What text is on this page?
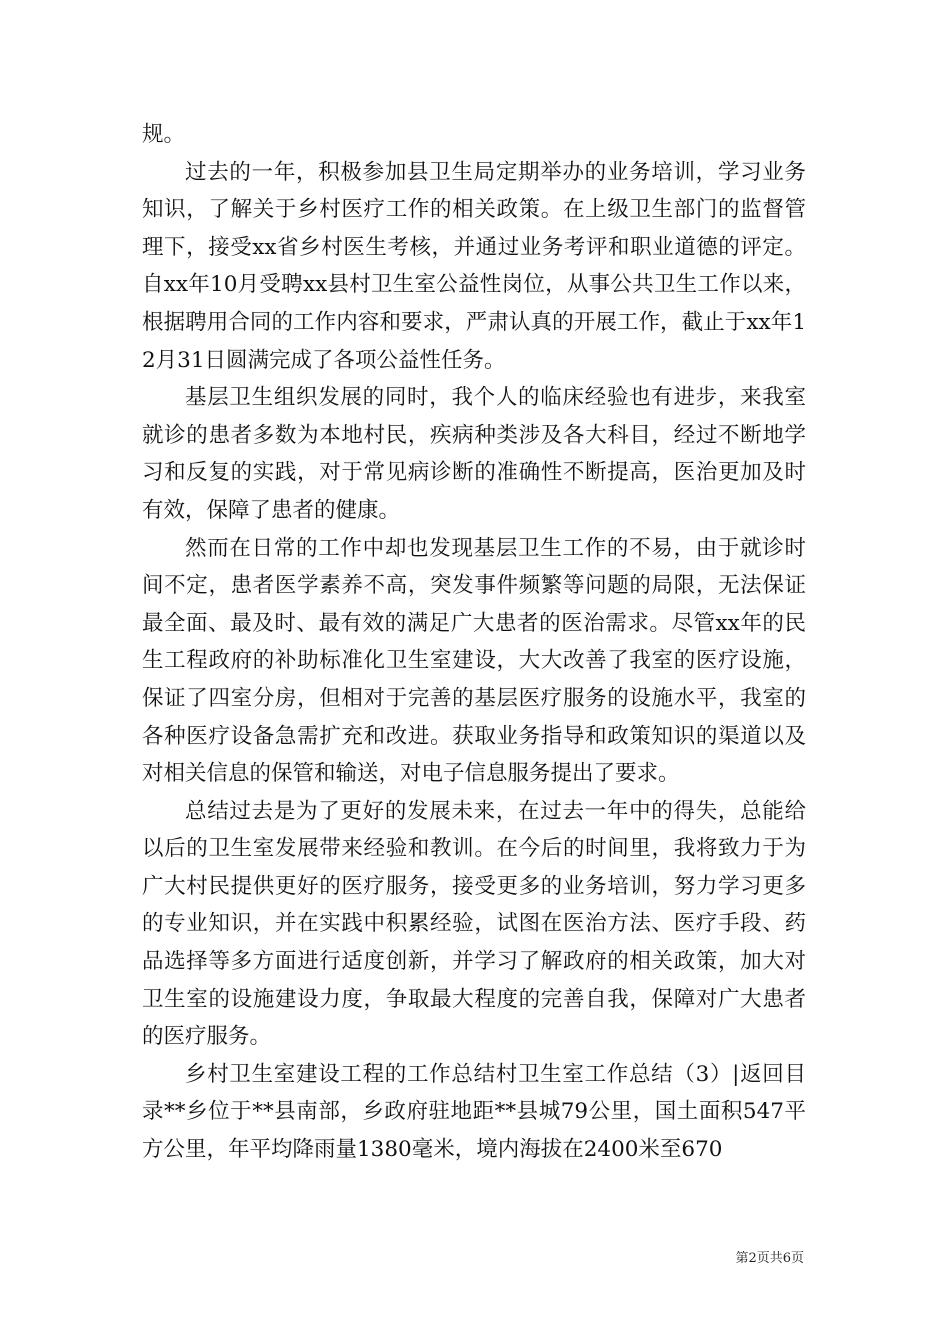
规。

过去的一年，积极参加县卫生局定期举办的业务培训，学习业务知识，了解关于乡村医疗工作的相关政策。在上级卫生部门的监督管理下，接受xx省乡村医生考核，并通过业务考评和职业道德的评定。自xx年10月受聘xx县村卫生室公益性岗位，从事公共卫生工作以来，根据聘用合同的工作内容和要求，严肃认真的开展工作，截止于xx年12月31日圆满完成了各项公益性任务。

基层卫生组织发展的同时，我个人的临床经验也有进步，来我室就诊的患者多数为本地村民，疾病种类涉及各大科目，经过不断地学习和反复的实践，对于常见病诊断的准确性不断提高，医治更加及时有效，保障了患者的健康。

然而在日常的工作中却也发现基层卫生工作的不易，由于就诊时间不定，患者医学素养不高，突发事件频繁等问题的局限，无法保证最全面、最及时、最有效的满足广大患者的医治需求。尽管xx年的民生工程政府的补助标准化卫生室建设，大大改善了我室的医疗设施，保证了四室分房，但相对于完善的基层医疗服务的设施水平，我室的各种医疗设备急需扩充和改进。获取业务指导和政策知识的渠道以及对相关信息的保管和输送，对电子信息服务提出了要求。

总结过去是为了更好的发展未来，在过去一年中的得失，总能给以后的卫生室发展带来经验和教训。在今后的时间里，我将致力于为广大村民提供更好的医疗服务，接受更多的业务培训，努力学习更多的专业知识，并在实践中积累经验，试图在医治方法、医疗手段、药品选择等多方面进行适度创新，并学习了解政府的相关政策，加大对卫生室的设施建设力度，争取最大程度的完善自我，保障对广大患者的医疗服务。

乡村卫生室建设工程的工作总结村卫生室工作总结（3）|返回目录**乡位于**县南部，乡政府驻地距**县城79公里，国土面积547平方公里，年平均降雨量1380毫米，境内海拔在2400米至670

第2页共6页
